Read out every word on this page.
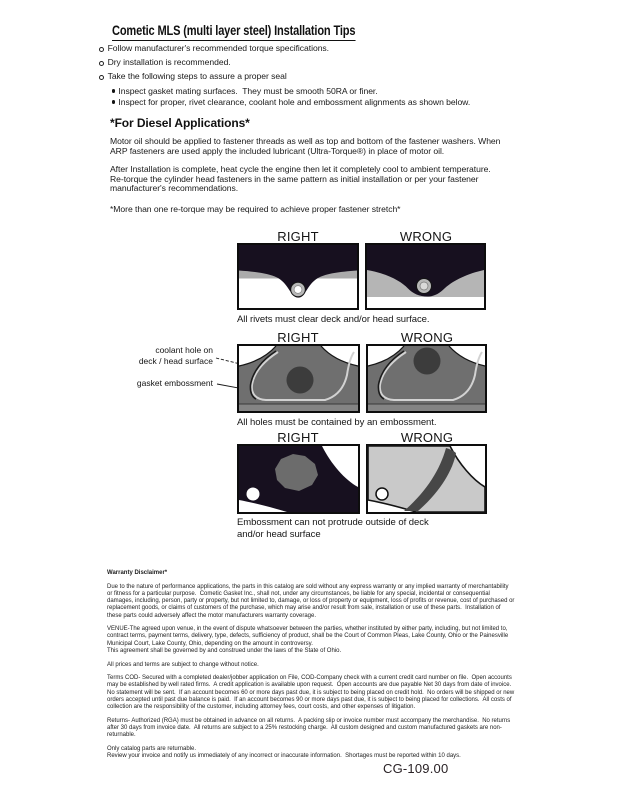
Cometic MLS (multi layer steel) Installation Tips
Follow manufacturer's recommended torque specifications.
Dry installation is recommended.
Take the following steps to assure a proper seal
Inspect gasket mating surfaces.  They must be smooth 50RA or finer.
Inspect for proper, rivet clearance, coolant hole and embossment alignments as shown below.
*For Diesel Applications*

Motor oil should be applied to fastener threads as well as top and bottom of the fastener washers. When ARP fasteners are used apply the included lubricant (Ultra-Torque®) in place of motor oil.

After Installation is complete, heat cycle the engine then let it completely cool to ambient temperature. Re-torque the cylinder head fasteners in the same pattern as initial installation or per your fastener manufacturer's recommendations.

*More than one re-torque may be required to achieve proper fastener stretch*

RIGHT	WRONG
All rivets must clear deck and/or head surface.
RIGHT	WRONG
coolant hole on
deck / head surface
gasket embossment
All holes must be contained by an embossment.
RIGHT	WRONG
Embossment can not protrude outside of deck
and/or head surface

Warranty Disclaimer*

Due to the nature of performance applications, the parts in this catalog are sold without any express warranty or any implied warranty of merchantability or fitness for a particular purpose.  Cometic Gasket Inc., shall not, under any circumstances, be liable for any special, incidental or consequential damages, including, person, party or property, but not limited to, damage, or loss of property or equipment, loss of profits or revenue, cost of purchased or replacement goods, or claims of customers of the purchase, which may arise and/or result from sale, installation or use of these parts.  Installation of these parts could adversely affect the motor manufacturers warranty coverage.

VENUE-The agreed upon venue, in the event of dispute whatsoever between the parties, whether instituted by either party, including, but not limited to, contract terms, payment terms, delivery, type, defects, sufficiency of product, shall be the Court of Common Pleas, Lake County, Ohio or the Painesville Municipal Court, Lake County, Ohio, depending on the amount in controversy.

This agreement shall be governed by and construed under the laws of the State of Ohio.

All prices and terms are subject to change without notice.

Terms COD- Secured with a completed dealer/jobber application on File, COD-Company check with a current credit card number on file.  Open accounts may be established by well rated firms.  A credit application is available upon request.  Open accounts are due payable Net 30 days from date of invoice.  No statement will be sent.  If an account becomes 60 or more days past due, it is subject to being placed on credit hold.  No orders will be shipped or new orders accepted until past due balance is paid.  If an account becomes 90 or more days past due, it is subject to being placed for collections.  All costs of collection are the responsibility of the customer, including attorney fees, court costs, and other expenses of litigation.

Returns- Authorized (RGA) must be obtained in advance on all returns.  A packing slip or invoice number must accompany the merchandise.  No returns after 30 days from invoice date.  All returns are subject to a 25% restocking charge.  All custom designed and custom manufactured gaskets are non-returnable.

Only catalog parts are returnable.

Review your invoice and notify us immediately of any incorrect or inaccurate information.  Shortages must be reported within 10 days.

CG-109.00
